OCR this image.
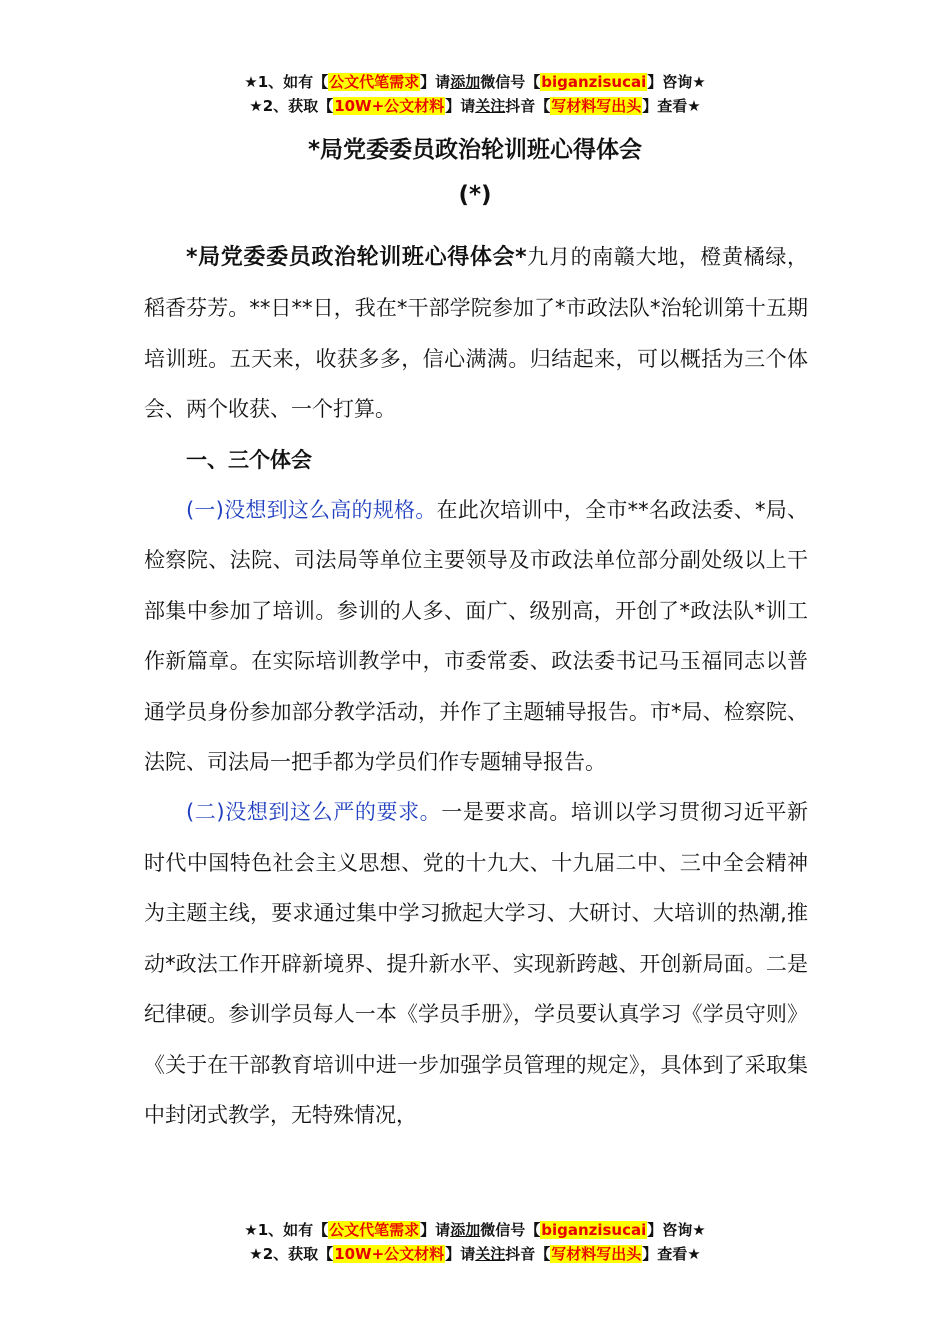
★1、如有【公文代笔需求】请添加微信号【biganzisucai】咨询★
★2、获取【10W+公文材料】请关注抖音【写材料写出头】查看★
*局党委委员政治轮训班心得体会
(*)

*局党委委员政治轮训班心得体会*九月的南赣大地，橙黄橘绿，稻香芬芳。**日**日，我在*干部学院参加了*市政法队*治轮训第十五期培训班。五天来，收获多多，信心满满。归结起来，可以概括为三个体会、两个收获、一个打算。

一、三个体会

(一)没想到这么高的规格。在此次培训中，全市**名政法委、*局、检察院、法院、司法局等单位主要领导及市政法单位部分副处级以上干部集中参加了培训。参训的人多、面广、级别高，开创了*政法队*训工作新篇章。在实际培训教学中，市委常委、政法委书记马玉福同志以普通学员身份参加部分教学活动，并作了主题辅导报告。市*局、检察院、法院、司法局一把手都为学员们作专题辅导报告。

(二)没想到这么严的要求。一是要求高。培训以学习贯彻习近平新时代中国特色社会主义思想、党的十九大、十九届二中、三中全会精神为主题主线，要求通过集中学习掀起大学习、大研讨、大培训的热潮,推动*政法工作开辟新境界、提升新水平、实现新跨越、开创新局面。二是纪律硬。参训学员每人一本《学员手册》，学员要认真学习《学员守则》《关于在干部教育培训中进一步加强学员管理的规定》，具体到了采取集中封闭式教学，无特殊情况，

★1、如有【公文代笔需求】请添加微信号【biganzisucai】咨询★
★2、获取【10W+公文材料】请关注抖音【写材料写出头】查看★
